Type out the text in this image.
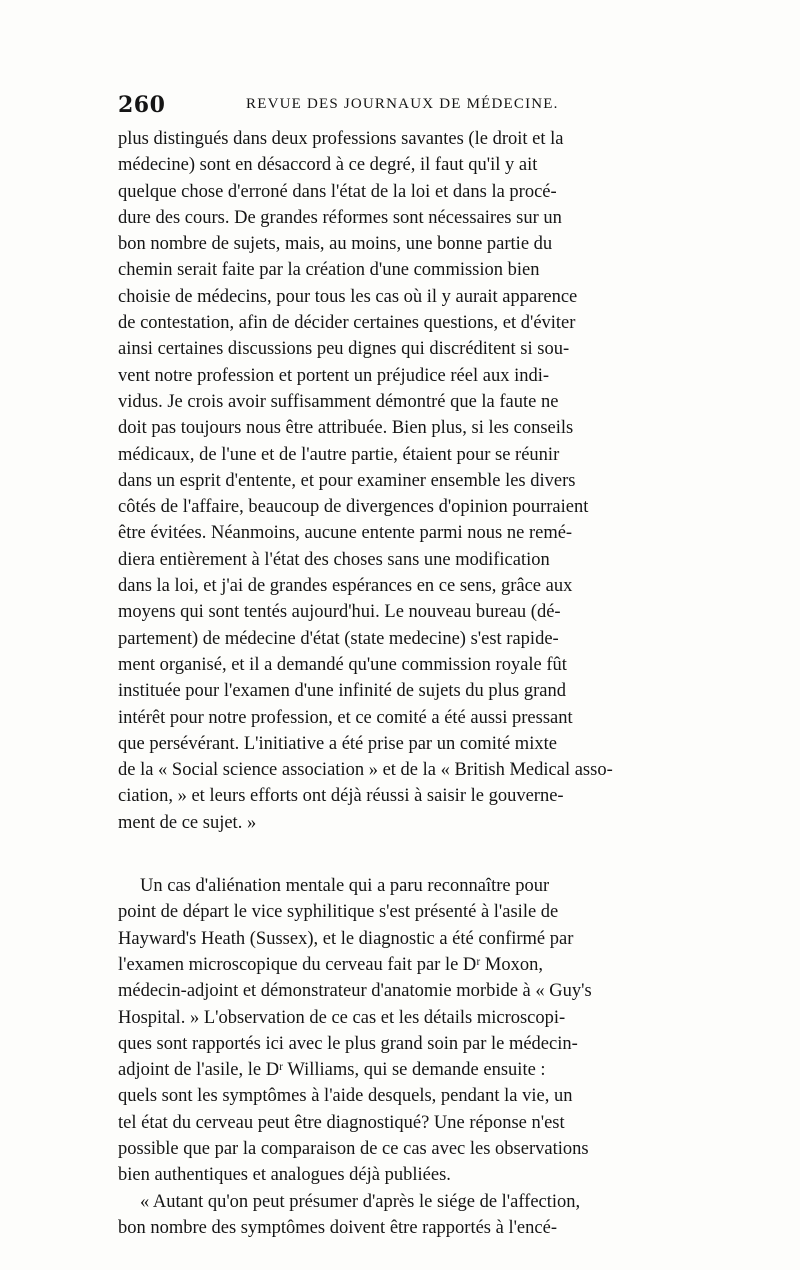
260	REVUE DES JOURNAUX DE MÉDECINE.
plus distingués dans deux professions savantes (le droit et la
médecine) sont en désaccord à ce degré, il faut qu'il y ait
quelque chose d'erroné dans l'état de la loi et dans la procé-
dure des cours. De grandes réformes sont nécessaires sur un
bon nombre de sujets, mais, au moins, une bonne partie du
chemin serait faite par la création d'une commission bien
choisie de médecins, pour tous les cas où il y aurait apparence
de contestation, afin de décider certaines questions, et d'éviter
ainsi certaines discussions peu dignes qui discréditent si sou-
vent notre profession et portent un préjudice réel aux indi-
vidus. Je crois avoir suffisamment démontré que la faute ne
doit pas toujours nous être attribuée. Bien plus, si les conseils
médicaux, de l'une et de l'autre partie, étaient pour se réunir
dans un esprit d'entente, et pour examiner ensemble les divers
côtés de l'affaire, beaucoup de divergences d'opinion pourraient
être évitées. Néanmoins, aucune entente parmi nous ne remé-
diera entièrement à l'état des choses sans une modification
dans la loi, et j'ai de grandes espérances en ce sens, grâce aux
moyens qui sont tentés aujourd'hui. Le nouveau bureau (dé-
partement) de médecine d'état (state medecine) s'est rapide-
ment organisé, et il a demandé qu'une commission royale fût
instituée pour l'examen d'une infinité de sujets du plus grand
intérêt pour notre profession, et ce comité a été aussi pressant
que persévérant. L'initiative a été prise par un comité mixte
de la « Social science association » et de la « British Medical asso-
ciation, » et leurs efforts ont déjà réussi à saisir le gouverne-
ment de ce sujet. »
Un cas d'aliénation mentale qui a paru reconnaître pour
point de départ le vice syphilitique s'est présenté à l'asile de
Hayward's Heath (Sussex), et le diagnostic a été confirmé par
l'examen microscopique du cerveau fait par le Dʳ Moxon,
médecin-adjoint et démonstrateur d'anatomie morbide à « Guy's
Hospital. » L'observation de ce cas et les détails microscopi-
ques sont rapportés ici avec le plus grand soin par le médecin-
adjoint de l'asile, le Dʳ Williams, qui se demande ensuite :
quels sont les symptômes à l'aide desquels, pendant la vie, un
tel état du cerveau peut être diagnostiqué? Une réponse n'est
possible que par la comparaison de ce cas avec les observations
bien authentiques et analogues déjà publiées.
« Autant qu'on peut présumer d'après le siége de l'affection,
bon nombre des symptômes doivent être rapportés à l'encé-
